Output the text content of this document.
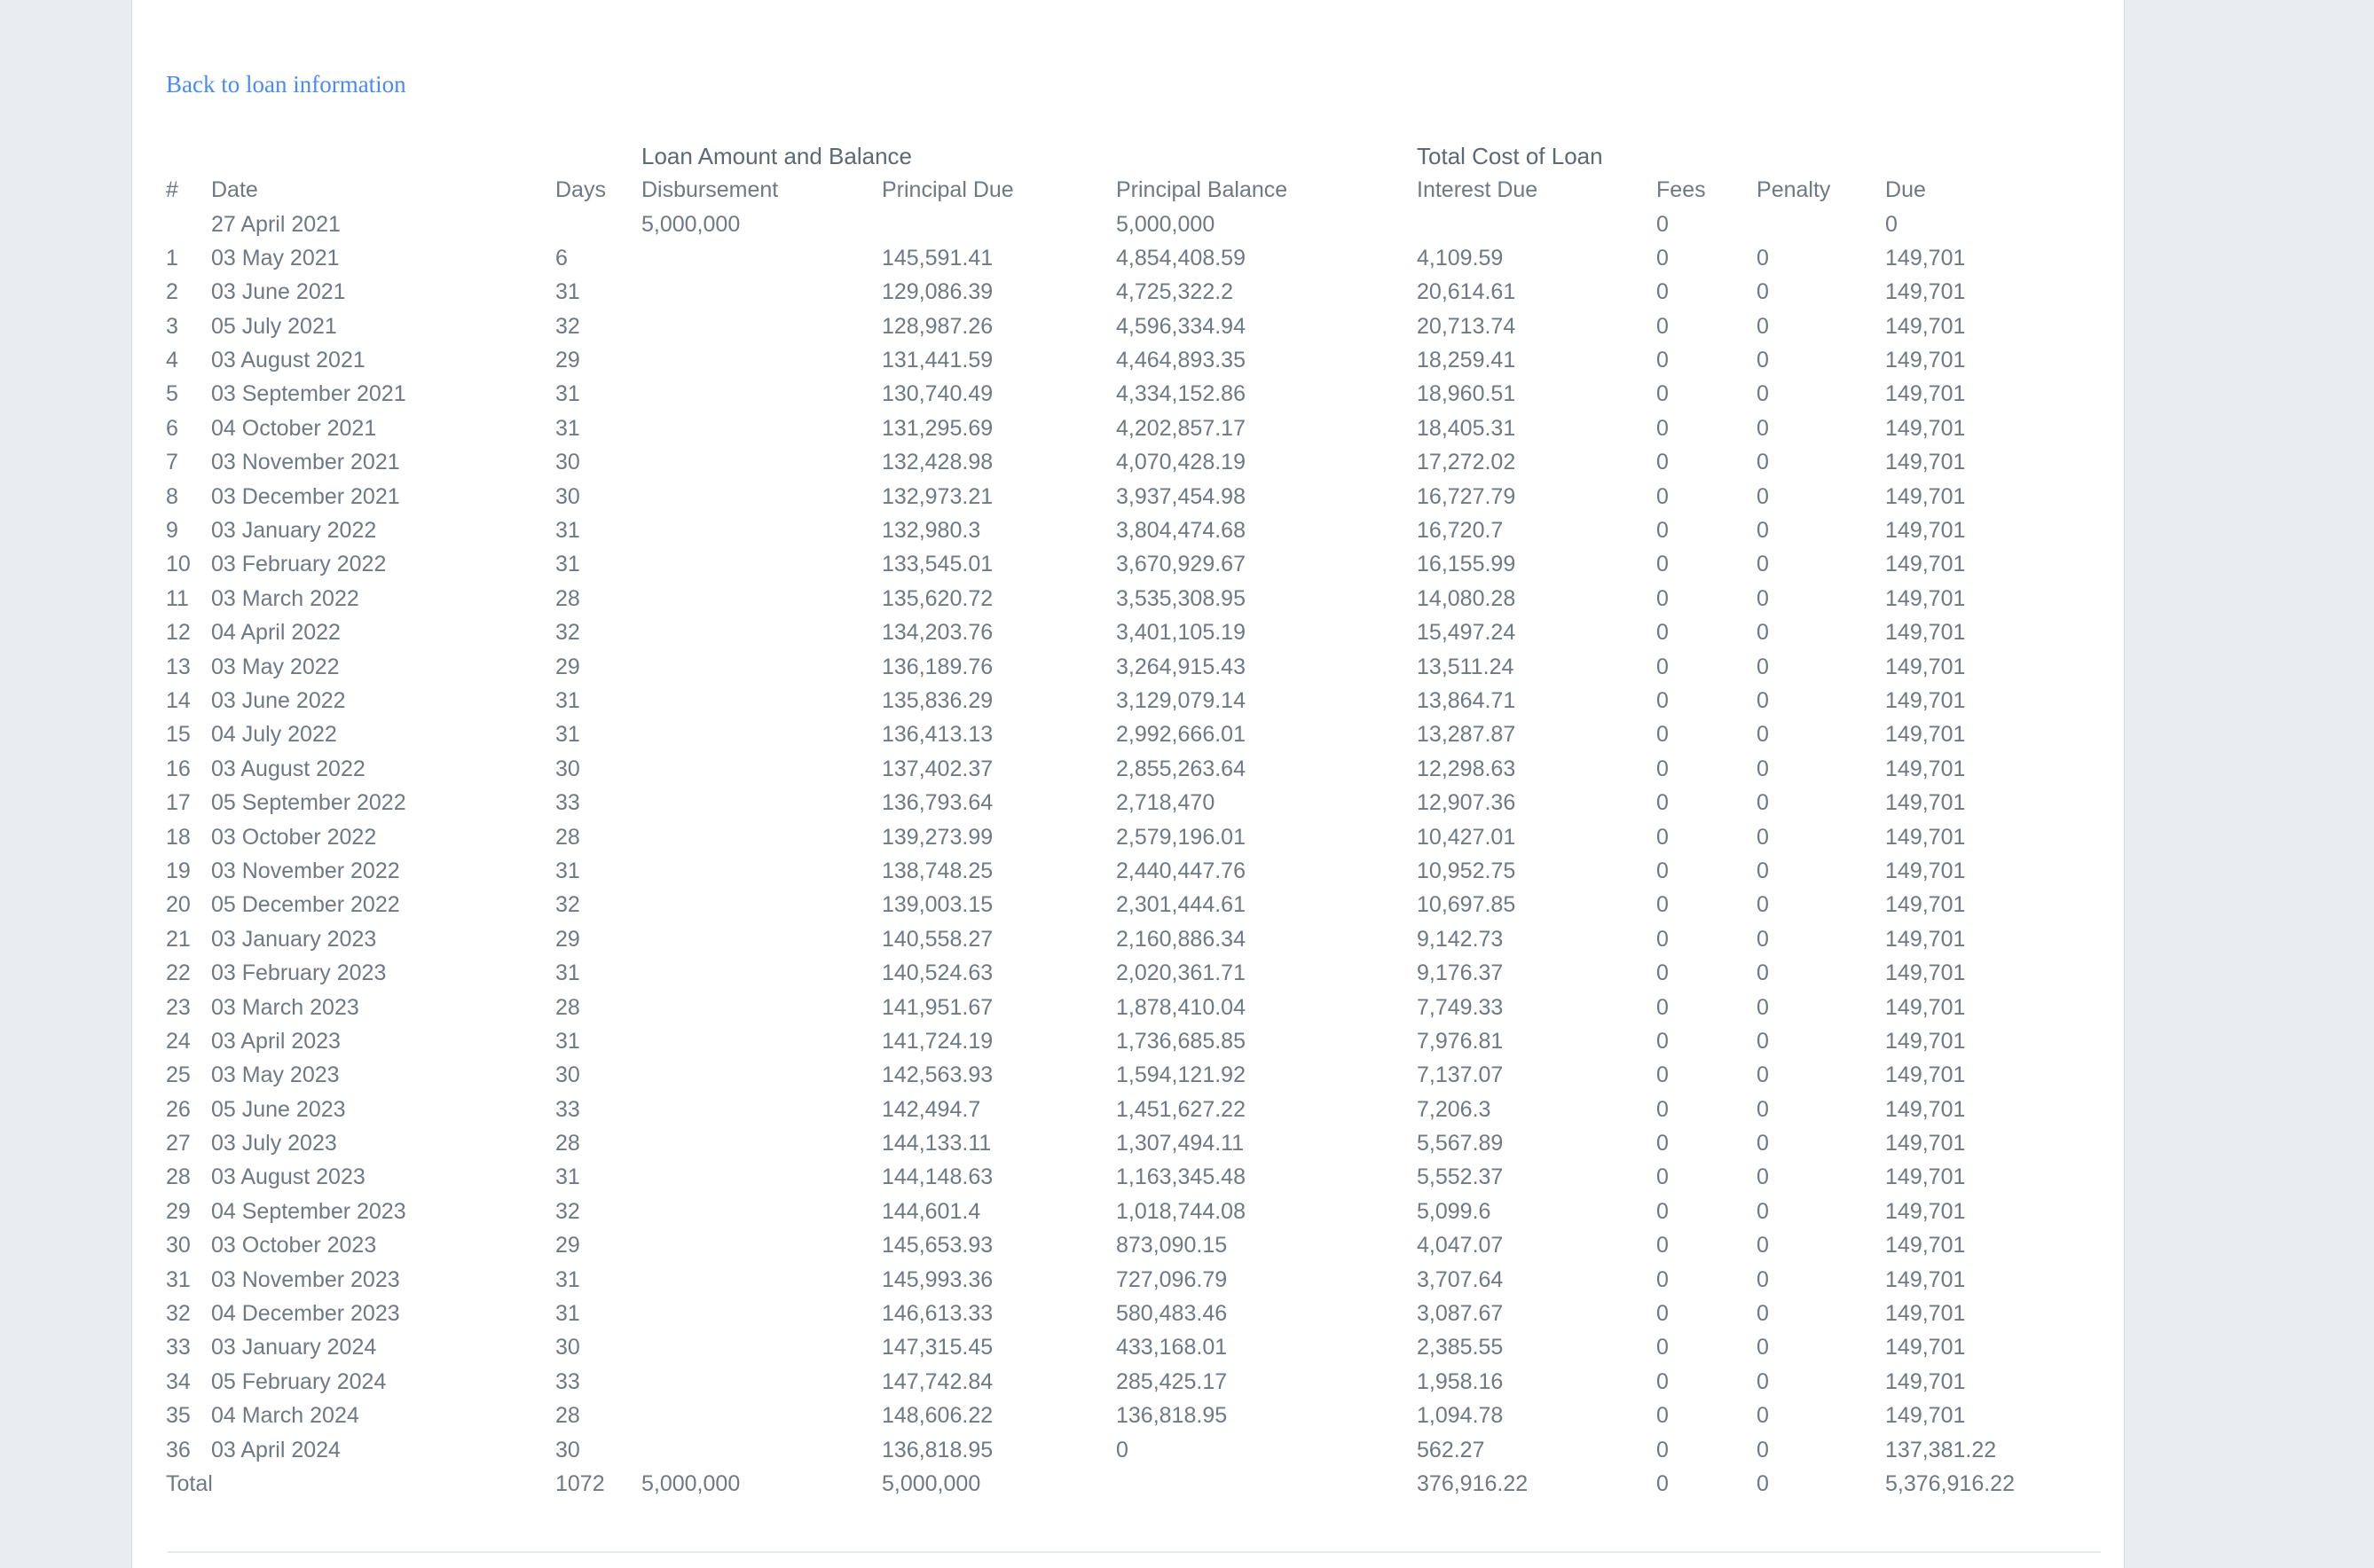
Back to loan information
			Loan Amount and Balance			Total Cost of Loan			
#	Date	Days	Disbursement	Principal Due	Principal Balance	Interest Due	Fees	Penalty	Due
	27 April 2021		5,000,000		5,000,000		0		0
1	03 May 2021	6		145,591.41	4,854,408.59	4,109.59	0	0	149,701
2	03 June 2021	31		129,086.39	4,725,322.2	20,614.61	0	0	149,701
3	05 July 2021	32		128,987.26	4,596,334.94	20,713.74	0	0	149,701
4	03 August 2021	29		131,441.59	4,464,893.35	18,259.41	0	0	149,701
5	03 September 2021	31		130,740.49	4,334,152.86	18,960.51	0	0	149,701
6	04 October 2021	31		131,295.69	4,202,857.17	18,405.31	0	0	149,701
7	03 November 2021	30		132,428.98	4,070,428.19	17,272.02	0	0	149,701
8	03 December 2021	30		132,973.21	3,937,454.98	16,727.79	0	0	149,701
9	03 January 2022	31		132,980.3	3,804,474.68	16,720.7	0	0	149,701
10	03 February 2022	31		133,545.01	3,670,929.67	16,155.99	0	0	149,701
11	03 March 2022	28		135,620.72	3,535,308.95	14,080.28	0	0	149,701
12	04 April 2022	32		134,203.76	3,401,105.19	15,497.24	0	0	149,701
13	03 May 2022	29		136,189.76	3,264,915.43	13,511.24	0	0	149,701
14	03 June 2022	31		135,836.29	3,129,079.14	13,864.71	0	0	149,701
15	04 July 2022	31		136,413.13	2,992,666.01	13,287.87	0	0	149,701
16	03 August 2022	30		137,402.37	2,855,263.64	12,298.63	0	0	149,701
17	05 September 2022	33		136,793.64	2,718,470	12,907.36	0	0	149,701
18	03 October 2022	28		139,273.99	2,579,196.01	10,427.01	0	0	149,701
19	03 November 2022	31		138,748.25	2,440,447.76	10,952.75	0	0	149,701
20	05 December 2022	32		139,003.15	2,301,444.61	10,697.85	0	0	149,701
21	03 January 2023	29		140,558.27	2,160,886.34	9,142.73	0	0	149,701
22	03 February 2023	31		140,524.63	2,020,361.71	9,176.37	0	0	149,701
23	03 March 2023	28		141,951.67	1,878,410.04	7,749.33	0	0	149,701
24	03 April 2023	31		141,724.19	1,736,685.85	7,976.81	0	0	149,701
25	03 May 2023	30		142,563.93	1,594,121.92	7,137.07	0	0	149,701
26	05 June 2023	33		142,494.7	1,451,627.22	7,206.3	0	0	149,701
27	03 July 2023	28		144,133.11	1,307,494.11	5,567.89	0	0	149,701
28	03 August 2023	31		144,148.63	1,163,345.48	5,552.37	0	0	149,701
29	04 September 2023	32		144,601.4	1,018,744.08	5,099.6	0	0	149,701
30	03 October 2023	29		145,653.93	873,090.15	4,047.07	0	0	149,701
31	03 November 2023	31		145,993.36	727,096.79	3,707.64	0	0	149,701
32	04 December 2023	31		146,613.33	580,483.46	3,087.67	0	0	149,701
33	03 January 2024	30		147,315.45	433,168.01	2,385.55	0	0	149,701
34	05 February 2024	33		147,742.84	285,425.17	1,958.16	0	0	149,701
35	04 March 2024	28		148,606.22	136,818.95	1,094.78	0	0	149,701
36	03 April 2024	30		136,818.95	0	562.27	0	0	137,381.22
Total		1072	5,000,000	5,000,000		376,916.22	0	0	5,376,916.22
